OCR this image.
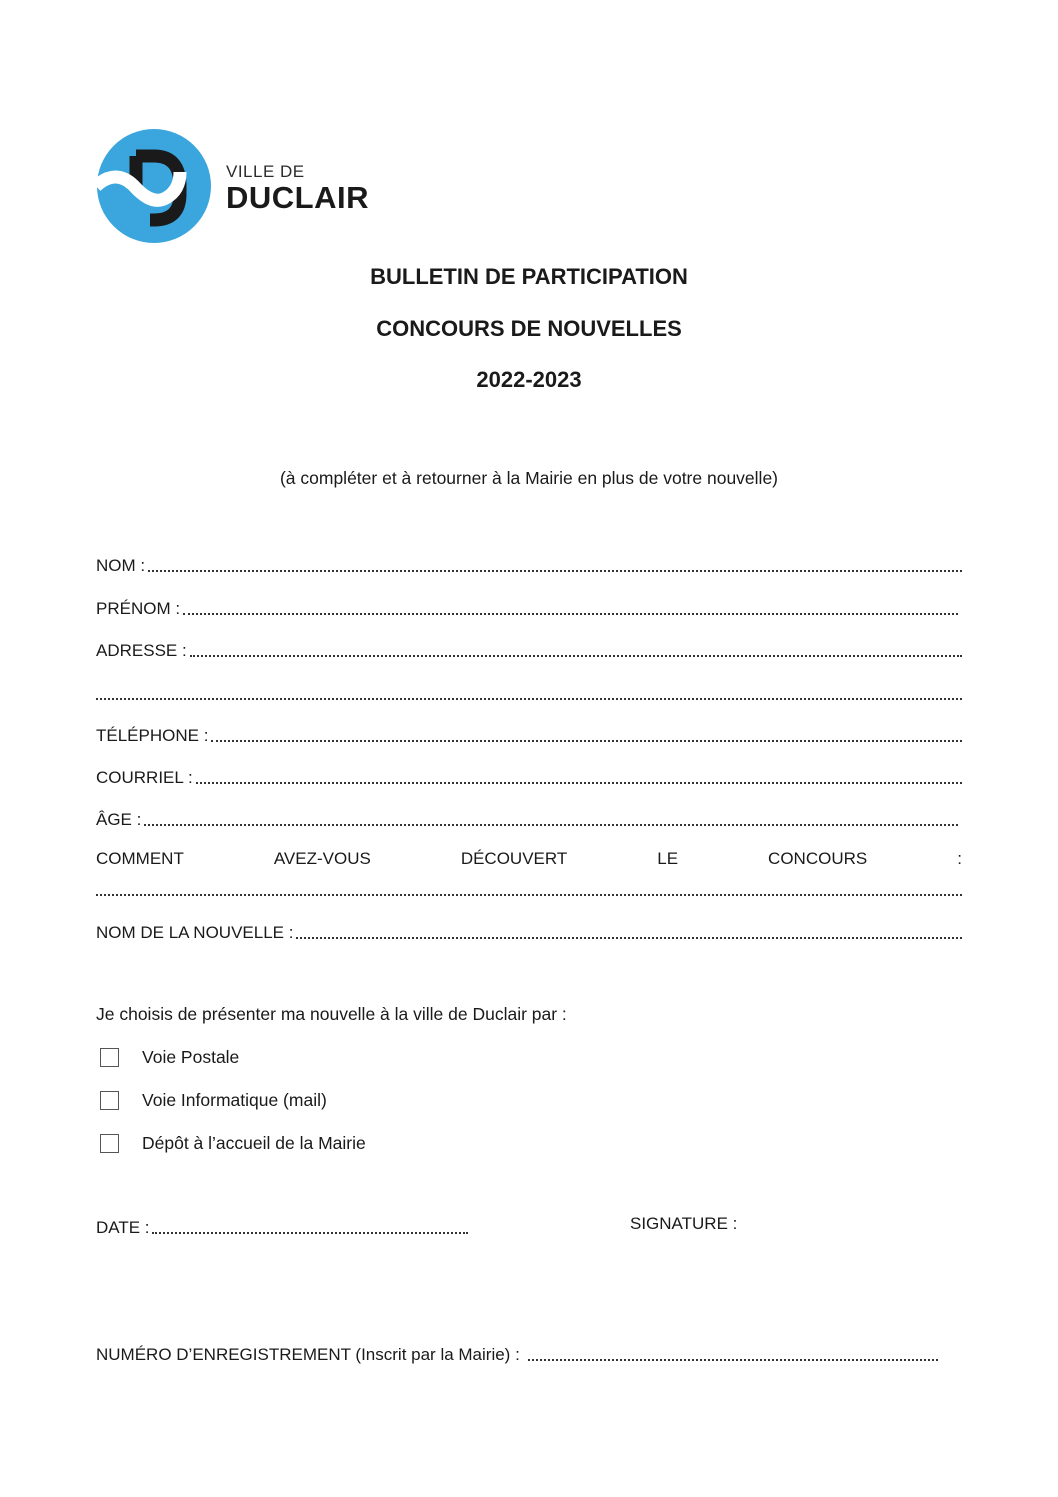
VILLE DE
DUCLAIR
BULLETIN DE PARTICIPATION
CONCOURS DE NOUVELLES
2022-2023
(à compléter et à retourner à la Mairie en plus de votre nouvelle)
NOM :
PRÉNOM :
ADRESSE :
TÉLÉPHONE :
COURRIEL :
ÂGE :
COMMENT	AVEZ-VOUS	DÉCOUVERT	LE	CONCOURS	:
NOM DE LA NOUVELLE :
Je choisis de présenter ma nouvelle à la ville de Duclair par :
Voie Postale
Voie Informatique (mail)
Dépôt à l’accueil de la Mairie
DATE :	SIGNATURE :
NUMÉRO D’ENREGISTREMENT (Inscrit par la Mairie) :
